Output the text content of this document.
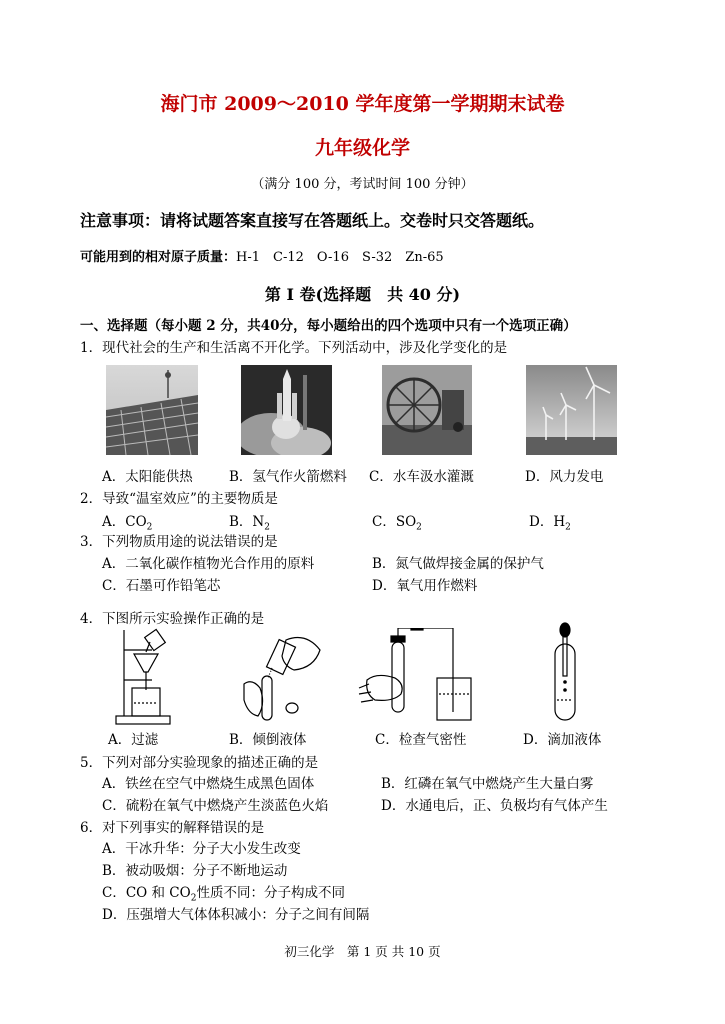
海门市 2009～2010 学年度第一学期期末试卷
九年级化学
（满分 100 分，考试时间 100 分钟）
注意事项：请将试题答案直接写在答题纸上。交卷时只交答题纸。
可能用到的相对原子质量：H-1　C-12　O-16　S-32　Zn-65
第 I 卷(选择题　共 40 分)
一、选择题（每小题 2 分，共40分，每小题给出的四个选项中只有一个选项正确）
1．现代社会的生产和生活离不开化学。下列活动中，涉及化学变化的是
A．太阳能供热	B．氢气作火箭燃料 C．水车汲水灌溉	D．风力发电
2．导致“温室效应”的主要物质是
A．$CO_2$	B．$N_2$	C．$SO_2$	D．$H_2$
3．下列物质用途的说法错误的是
A．二氧化碳作植物光合作用的原料	B．氮气做焊接金属的保护气
C．石墨可作铅笔芯	D．氧气用作燃料
4．下图所示实验操作正确的是
A．过滤	B．倾倒液体	C．检查气密性	D．滴加液体
5．下列对部分实验现象的描述正确的是
A．铁丝在空气中燃烧生成黑色固体	B．红磷在氧气中燃烧产生大量白雾
C．硫粉在氧气中燃烧产生淡蓝色火焰	D．水通电后，正、负极均有气体产生
6．对下列事实的解释错误的是
A．干冰升华：分子大小发生改变
B．被动吸烟：分子不断地运动
C．CO 和 $CO_2$性质不同：分子构成不同
D．压强增大气体体积减小：分子之间有间隔
初三化学　第 1 页 共 10 页
